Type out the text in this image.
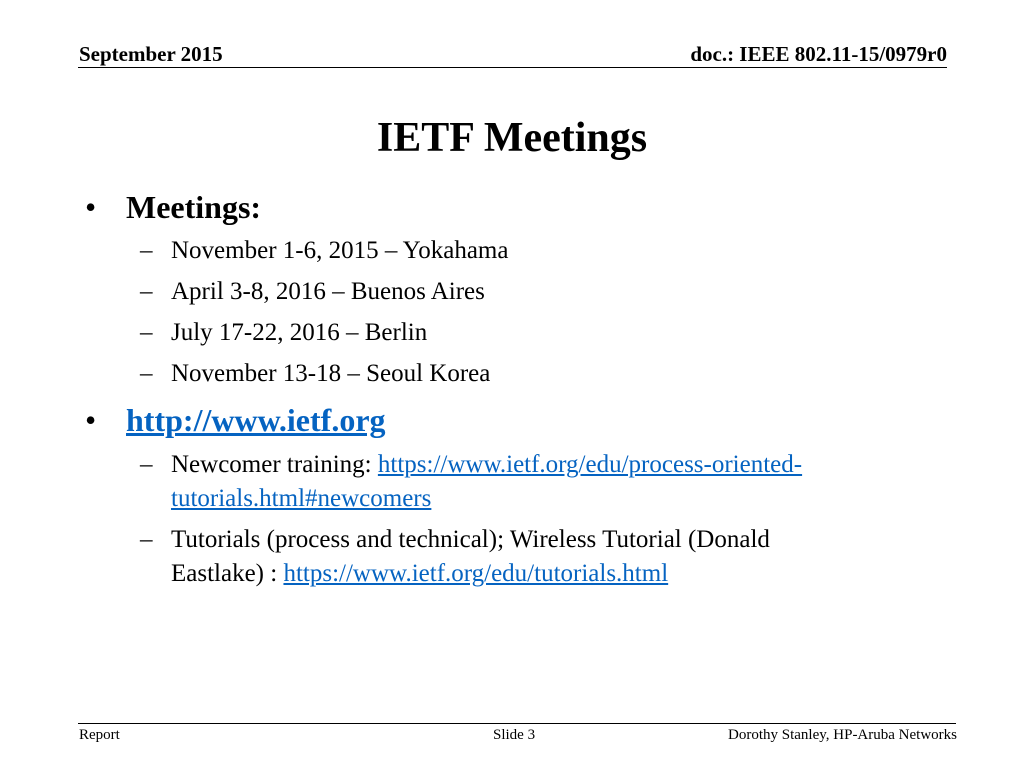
September 2015	doc.: IEEE 802.11-15/0979r0
IETF Meetings
• Meetings:
– November 1-6, 2015 – Yokahama
– April 3-8, 2016 – Buenos Aires
– July 17-22, 2016 – Berlin
– November 13-18 – Seoul Korea
• http://www.ietf.org
– Newcomer training: https://www.ietf.org/edu/process-oriented-
tutorials.html#newcomers
– Tutorials (process and technical); Wireless Tutorial (Donald
Eastlake) : https://www.ietf.org/edu/tutorials.html
Report	Slide 3	Dorothy Stanley, HP-Aruba Networks
